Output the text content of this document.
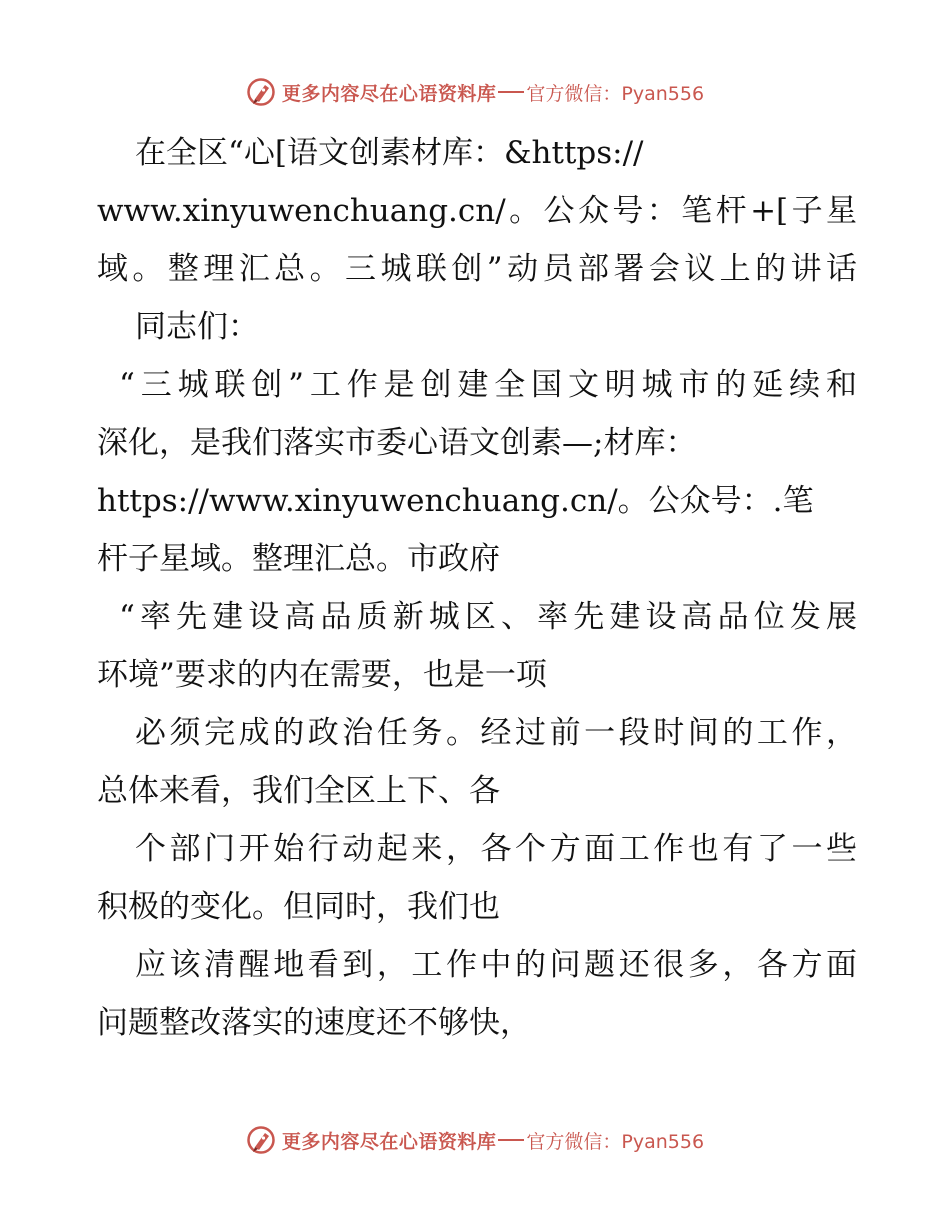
更多内容尽在心语资料库 官方微信：Pyan556
在全区“心[语文创素材库：&https://
www.xinyuwenchuang.cn/。公众号：笔杆+[子星
域。整理汇总。三城联创”动员部署会议上的讲话
同志们：
“三城联创”工作是创建全国文明城市的延续和
深化，是我们落实市委心语文创素—;材库：
https://www.xinyuwenchuang.cn/。公众号：.笔
杆子星域。整理汇总。市政府
“率先建设高品质新城区、率先建设高品位发展
环境”要求的内在需要，也是一项
必须完成的政治任务。经过前一段时间的工作，
总体来看，我们全区上下、各
个部门开始行动起来，各个方面工作也有了一些
积极的变化。但同时，我们也
应该清醒地看到，工作中的问题还很多，各方面
问题整改落实的速度还不够快，
更多内容尽在心语资料库 官方微信：Pyan556
